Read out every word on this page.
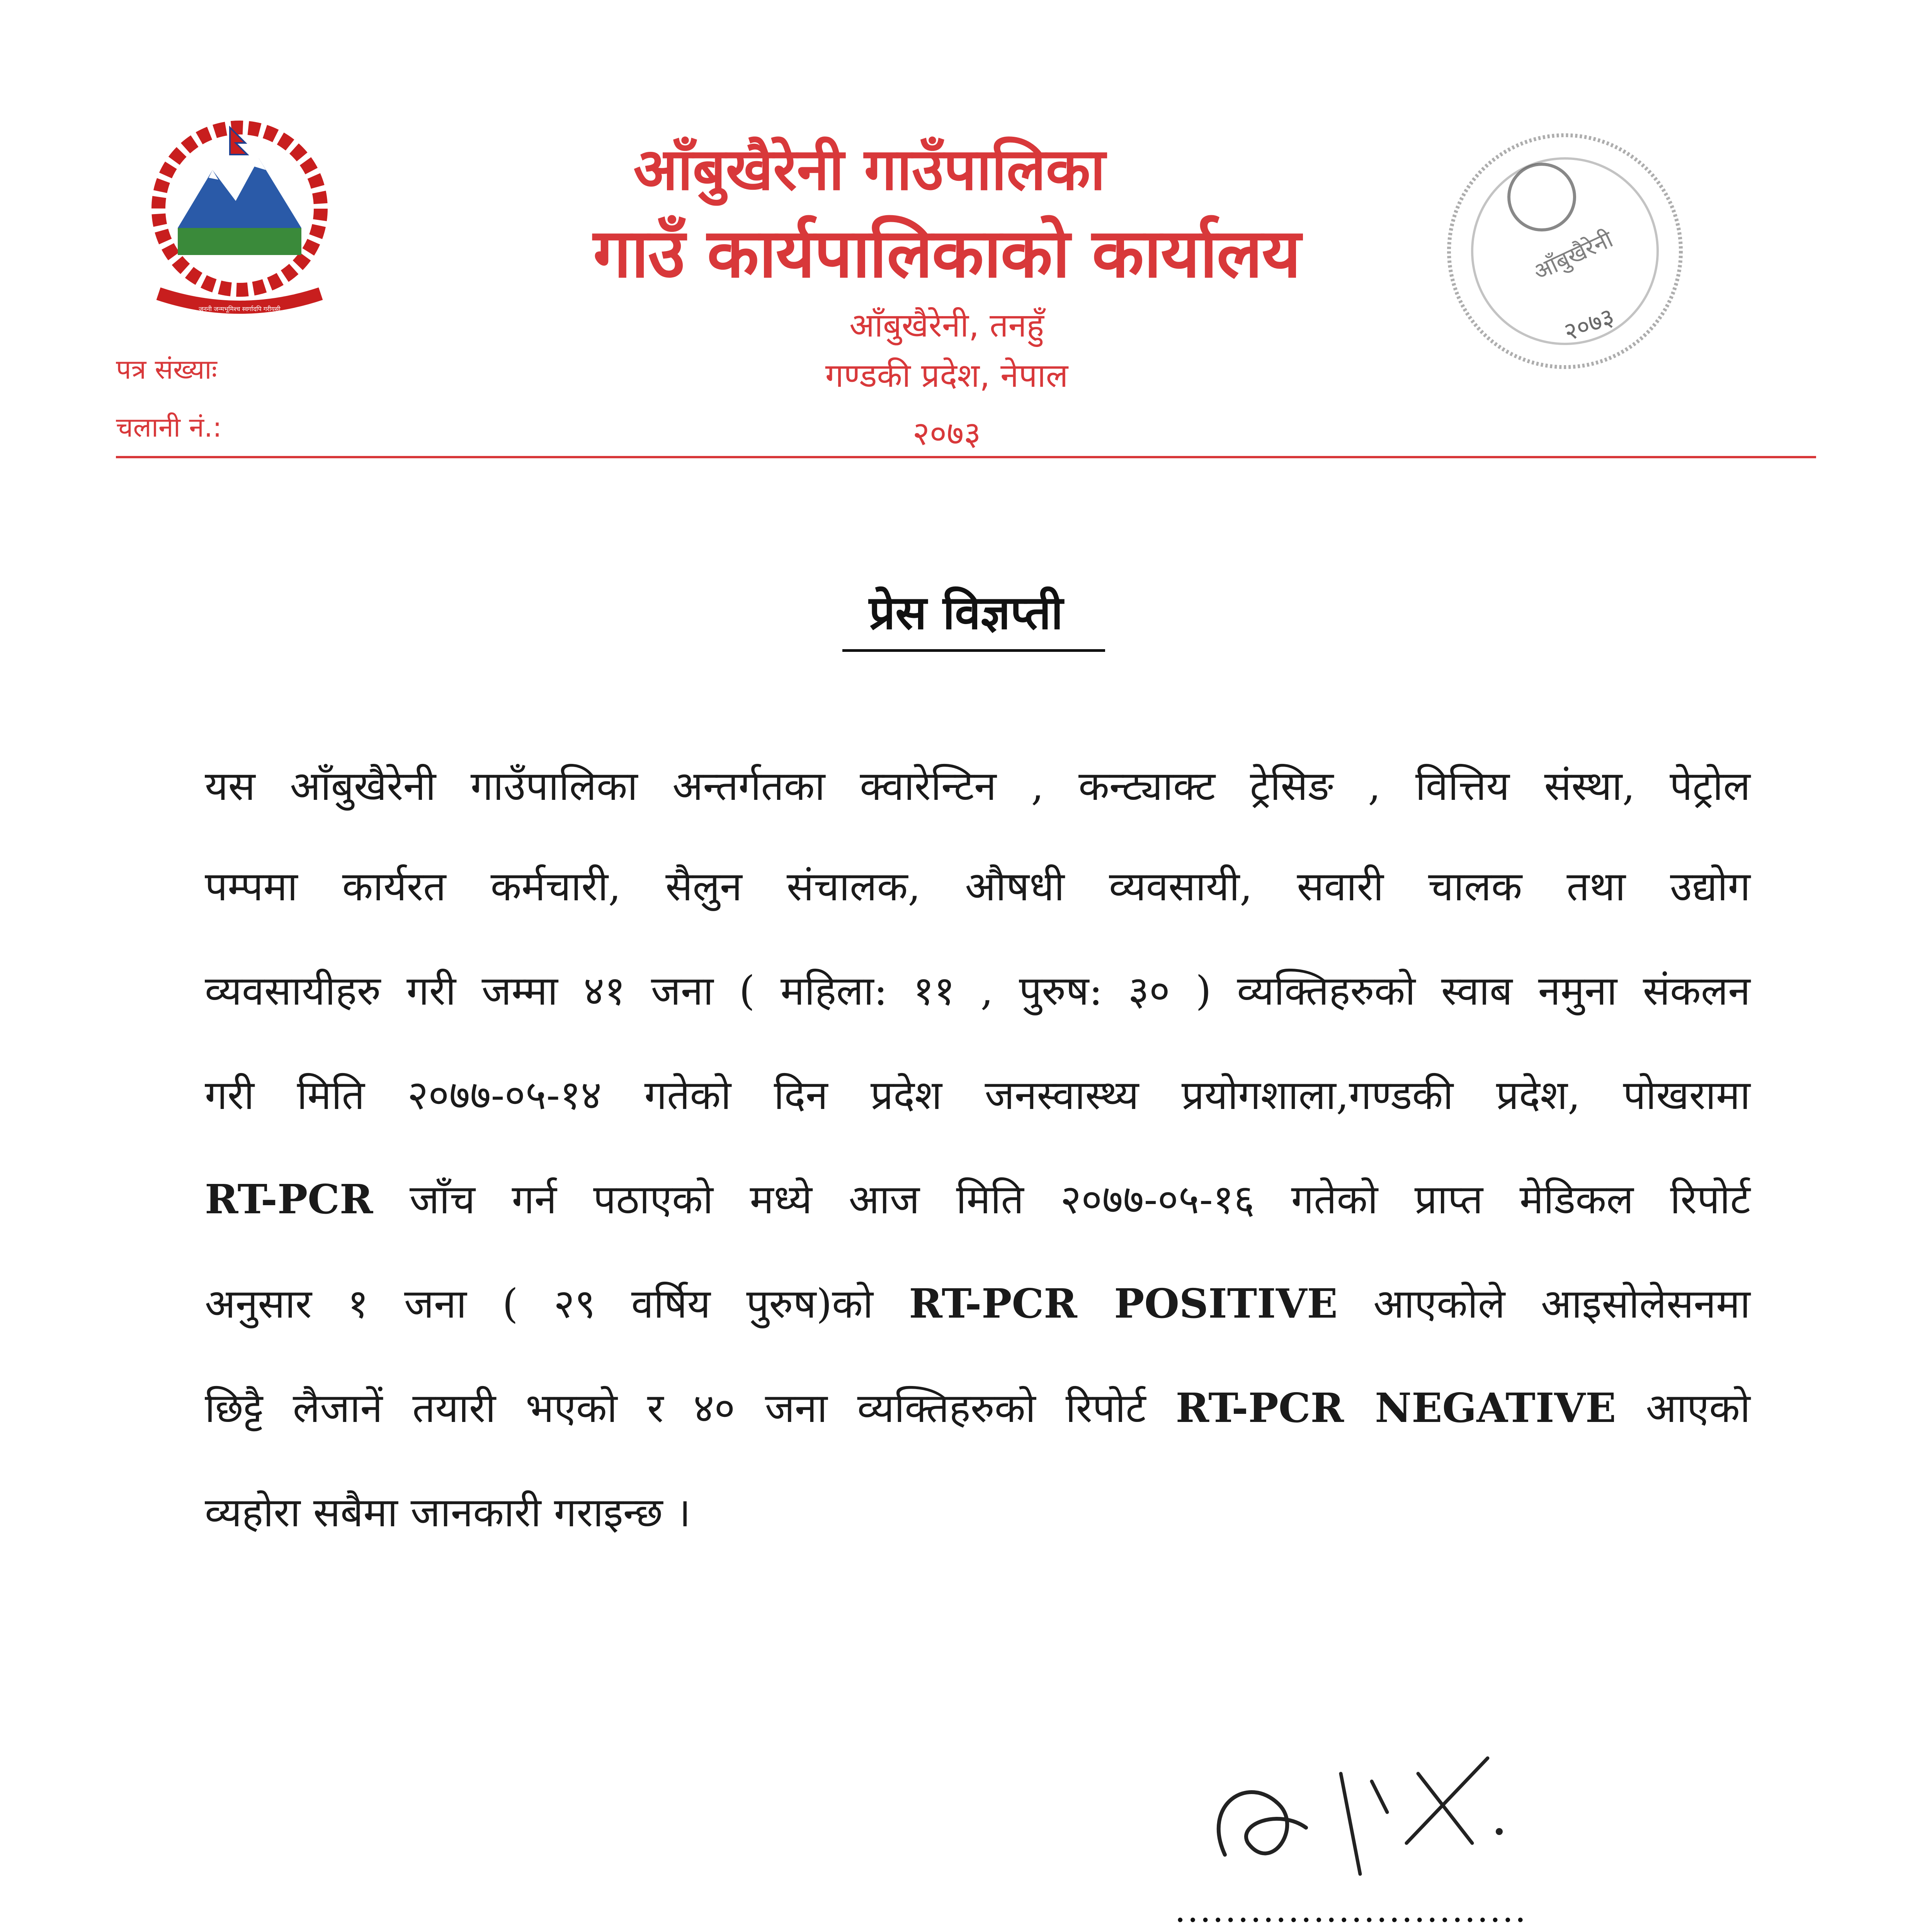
जननी जन्मभूमिश्च स्वर्गादपि गरीयसी
आँबुखैरेनी गाउँपालिका
गाउँ कार्यपालिकाको कार्यालय
आँबुखैरेनी, तनहुँ
गण्डकी प्रदेश, नेपाल
२०७३
पत्र संख्याः
चलानी नं.:
आँबुखैरेनी
२०७३
प्रेस विज्ञप्ती
यस आँबुखैरेनी गाउँपालिका अन्तर्गतका क्वारेन्टिन , कन्ट्याक्ट ट्रेसिङ , वित्तिय संस्था, पेट्रोल
पम्पमा कार्यरत कर्मचारी, सैलुन संचालक, औषधी व्यवसायी, सवारी चालक तथा उद्योग
व्यवसायीहरु गरी जम्मा ४१ जना ( महिला: ११ , पुरुष: ३० ) व्यक्तिहरुको स्वाब नमुना संकलन
गरी मिति २०७७-०५-१४ गतेको दिन प्रदेश जनस्वास्थ्य प्रयोगशाला,गण्डकी प्रदेश, पोखरामा
RT-PCR जाँच गर्न पठाएको मध्ये आज मिति २०७७-०५-१६ गतेको प्राप्त मेडिकल रिपोर्ट
अनुसार १ जना ( २९ वर्षिय पुरुष)को RT-PCR POSITIVE आएकोले आइसोलेसनमा
छिट्टै लैजानें तयारी भएको र ४० जना व्यक्तिहरुको रिपोर्ट RT-PCR NEGATIVE आएको
व्यहोरा सबैमा जानकारी गराइन्छ ।
............................
